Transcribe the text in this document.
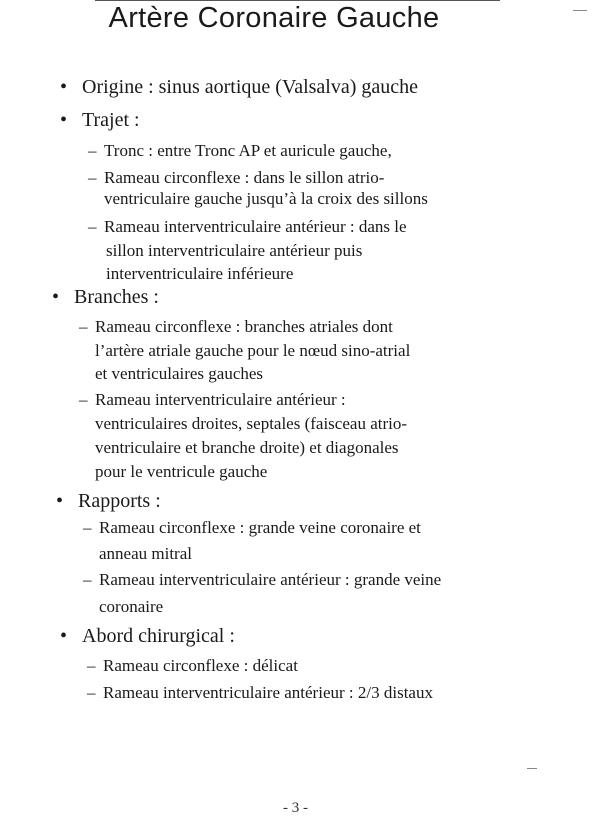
Artère Coronaire Gauche
• Origine : sinus aortique (Valsalva) gauche
• Trajet :
– Tronc : entre Tronc AP et auricule gauche,
– Rameau circonflexe : dans le sillon atrio-
ventriculaire gauche jusqu’à la croix des sillons
– Rameau interventriculaire antérieur : dans le
sillon interventriculaire antérieur puis
interventriculaire inférieure
• Branches :
– Rameau circonflexe : branches atriales dont
l’artère atriale gauche pour le nœud sino-atrial
et ventriculaires gauches
– Rameau interventriculaire antérieur :
ventriculaires droites, septales (faisceau atrio-
ventriculaire et branche droite) et diagonales
pour le ventricule gauche
• Rapports :
– Rameau circonflexe : grande veine coronaire et
anneau mitral
– Rameau interventriculaire antérieur : grande veine
coronaire
• Abord chirurgical :
– Rameau circonflexe : délicat
– Rameau interventriculaire antérieur : 2/3 distaux
- 3 -
